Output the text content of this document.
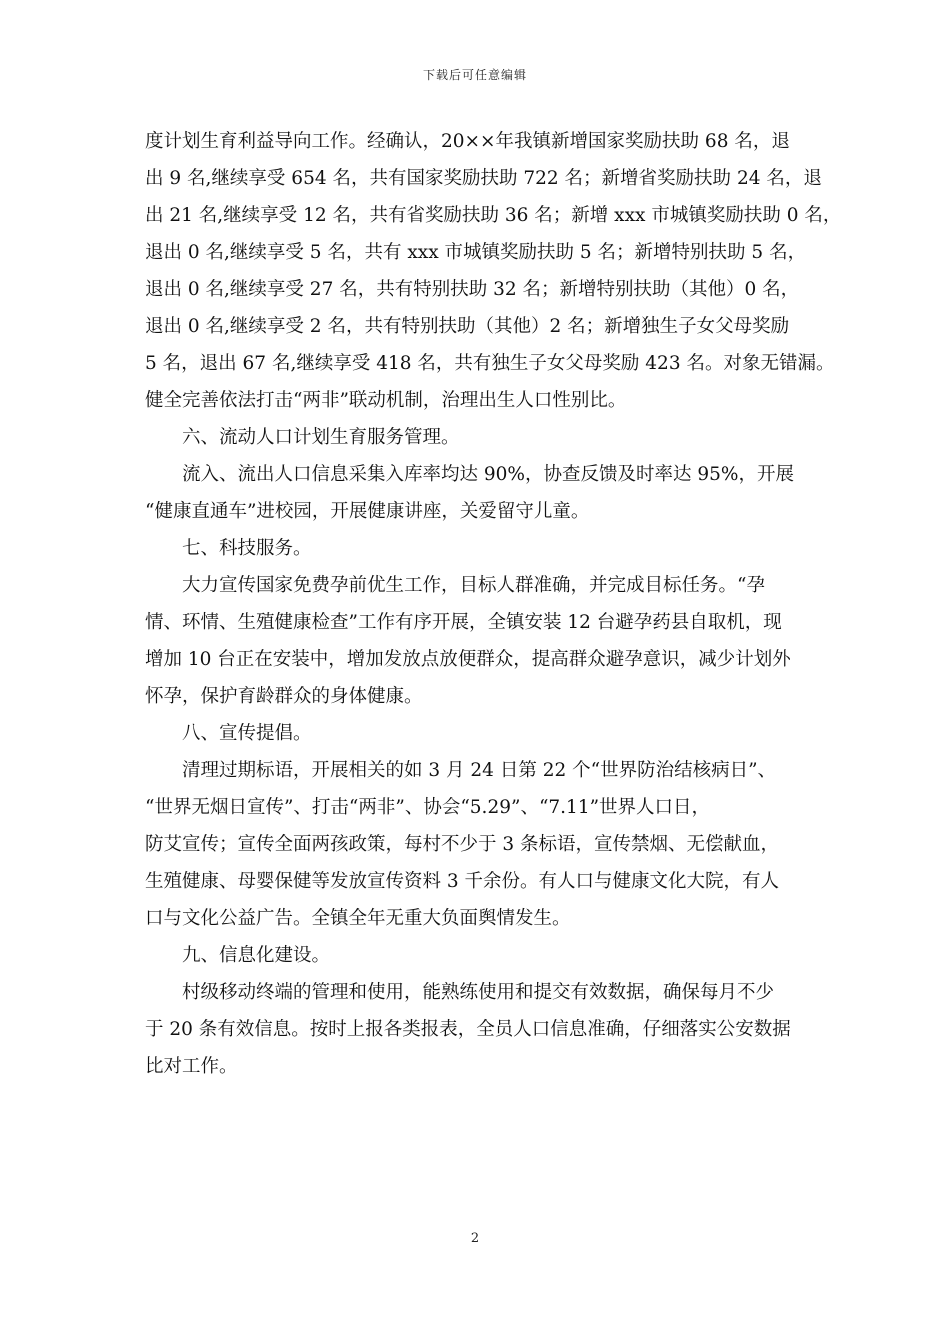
下载后可任意编辑
度计划生育利益导向工作。经确认，20××年我镇新增国家奖励扶助 68 名，退
出 9 名,继续享受 654 名，共有国家奖励扶助 722 名；新增省奖励扶助 24 名，退
出 21 名,继续享受 12 名，共有省奖励扶助 36 名；新增 xxx 市城镇奖励扶助 0 名，
退出 0 名,继续享受 5 名，共有 xxx 市城镇奖励扶助 5 名；新增特别扶助 5 名，
退出 0 名,继续享受 27 名，共有特别扶助 32 名；新增特别扶助（其他）0 名，
退出 0 名,继续享受 2 名，共有特别扶助（其他）2 名；新增独生子女父母奖励
5 名，退出 67 名,继续享受 418 名，共有独生子女父母奖励 423 名。对象无错漏。
健全完善依法打击“两非”联动机制，治理出生人口性别比。
六、流动人口计划生育服务管理。
流入、流出人口信息采集入库率均达 90%，协查反馈及时率达 95%，开展
“健康直通车”进校园，开展健康讲座，关爱留守儿童。
七、科技服务。
大力宣传国家免费孕前优生工作，目标人群准确，并完成目标任务。“孕
情、环情、生殖健康检查”工作有序开展，全镇安装 12 台避孕药县自取机，现
增加 10 台正在安装中，增加发放点放便群众，提高群众避孕意识，减少计划外
怀孕，保护育龄群众的身体健康。
八、宣传提倡。
清理过期标语，开展相关的如 3 月 24 日第 22 个“世界防治结核病日”、
“世界无烟日宣传”、打击“两非”、协会“5.29”、“7.11”世界人口日，
防艾宣传；宣传全面两孩政策，每村不少于 3 条标语，宣传禁烟、无偿献血，
生殖健康、母婴保健等发放宣传资料 3 千余份。有人口与健康文化大院，有人
口与文化公益广告。全镇全年无重大负面舆情发生。
九、信息化建设。
村级移动终端的管理和使用，能熟练使用和提交有效数据，确保每月不少
于 20 条有效信息。按时上报各类报表，全员人口信息准确，仔细落实公安数据
比对工作。
2
